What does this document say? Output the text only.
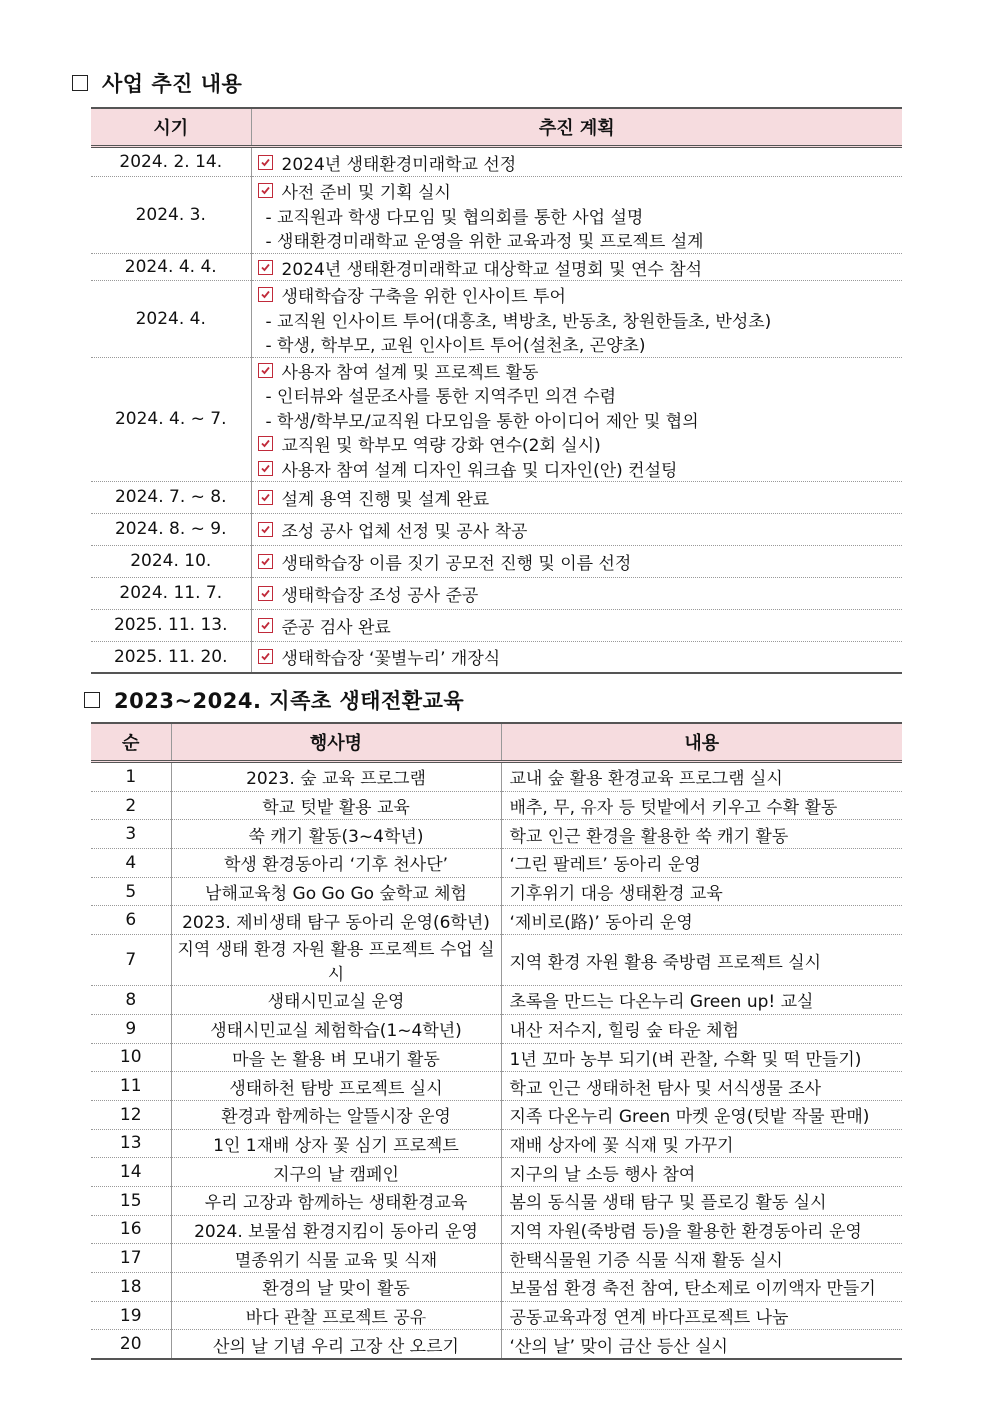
사업 추진 내용
시기	추진 계획
2024. 2. 14.	2024년 생태환경미래학교 선정

2024. 3.	사전 준비 및 기획 실시
- 교직원과 학생 다모임 및 협의회를 통한 사업 설명
- 생태환경미래학교 운영을 위한 교육과정 및 프로젝트 설계

2024. 4. 4.	2024년 생태환경미래학교 대상학교 설명회 및 연수 참석

2024. 4.	생태학습장 구축을 위한 인사이트 투어
- 교직원 인사이트 투어(대흥초, 벽방초, 반동초, 창원한들초, 반성초)
- 학생, 학부모, 교원 인사이트 투어(설천초, 곤양초)

2024. 4. ~ 7.	사용자 참여 설계 및 프로젝트 활동
- 인터뷰와 설문조사를 통한 지역주민 의견 수렴
- 학생/학부모/교직원 다모임을 통한 아이디어 제안 및 협의
교직원 및 학부모 역량 강화 연수(2회 실시)
사용자 참여 설계 디자인 워크숍 및 디자인(안) 컨설팅

2024. 7. ~ 8.	설계 용역 진행 및 설계 완료

2024. 8. ~ 9.	조성 공사 업체 선정 및 공사 착공

2024. 10.	생태학습장 이름 짓기 공모전 진행 및 이름 선정

2024. 11. 7.	생태학습장 조성 공사 준공

2025. 11. 13.	준공 검사 완료

2025. 11. 20.	생태학습장 ‘꽃별누리’ 개장식
2023~2024. 지족초 생태전환교육
순	행사명	내용
1	2023. 숲 교육 프로그램	교내 숲 활용 환경교육 프로그램 실시
2	학교 텃밭 활용 교육	배추, 무, 유자 등 텃밭에서 키우고 수확 활동
3	쑥 캐기 활동(3~4학년)	학교 인근 환경을 활용한 쑥 캐기 활동
4	학생 환경동아리 ‘기후 천사단’	‘그린 팔레트’ 동아리 운영
5	남해교육청 Go Go Go 숲학교 체험	기후위기 대응 생태환경 교육
6	2023. 제비생태 탐구 동아리 운영(6학년)	‘제비로(路)’ 동아리 운영
7	지역 생태 환경 자원 활용 프로젝트 수업 실시	지역 환경 자원 활용 죽방렴 프로젝트 실시
8	생태시민교실 운영	초록을 만드는 다온누리 Green up! 교실
9	생태시민교실 체험학습(1~4학년)	내산 저수지, 힐링 숲 타운 체험
10	마을 논 활용 벼 모내기 활동	1년 꼬마 농부 되기(벼 관찰, 수확 및 떡 만들기)
11	생태하천 탐방 프로젝트 실시	학교 인근 생태하천 탐사 및 서식생물 조사
12	환경과 함께하는 알뜰시장 운영	지족 다온누리 Green 마켓 운영(텃밭 작물 판매)
13	1인 1재배 상자 꽃 심기 프로젝트	재배 상자에 꽃 식재 및 가꾸기
14	지구의 날 캠페인	지구의 날 소등 행사 참여
15	우리 고장과 함께하는 생태환경교육	봄의 동식물 생태 탐구 및 플로깅 활동 실시
16	2024. 보물섬 환경지킴이 동아리 운영	지역 자원(죽방렴 등)을 활용한 환경동아리 운영
17	멸종위기 식물 교육 및 식재	한택식물원 기증 식물 식재 활동 실시
18	환경의 날 맞이 활동	보물섬 환경 축전 참여, 탄소제로 이끼액자 만들기
19	바다 관찰 프로젝트 공유	공동교육과정 연계 바다프로젝트 나눔
20	산의 날 기념 우리 고장 산 오르기	‘산의 날’ 맞이 금산 등산 실시
